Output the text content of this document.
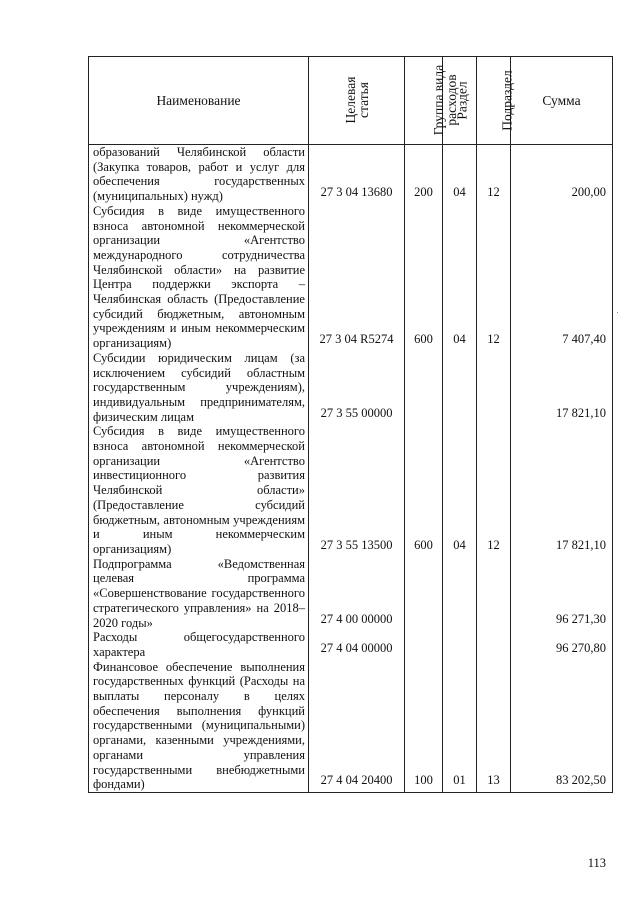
Наименование	Целевая статья	Группа вида расходов	Раздел	Подраздел	Сумма
образований Челябинской области (Закупка товаров, работ и услуг для обеспечения государственных (муниципальных) нужд)	27 3 04 13680	200	04	12	200,00
Субсидия в виде имущественного взноса автономной некоммерческой организации «Агентство международного сотрудничества Челябинской области» на развитие Центра поддержки экспорта – Челябинская область (Предоставление субсидий бюджетным, автономным учреждениям и иным некоммерческим организациям)	27 3 04 R5274	600	04	12	7 407,40
Субсидии юридическим лицам (за исключением субсидий областным государственным учреждениям), индивидуальным предпринимателям, физическим лицам	27 3 55 00000				17 821,10
Субсидия в виде имущественного взноса автономной некоммерческой организации «Агентство инвестиционного развития Челябинской области» (Предоставление субсидий бюджетным, автономным учреждениям и иным некоммерческим организациям)	27 3 55 13500	600	04	12	17 821,10
Подпрограмма «Ведомственная целевая программа «Совершенствование государственного стратегического управления» на 2018–2020 годы»	27 4 00 00000				96 271,30
Расходы общегосударственного характера	27 4 04 00000				96 270,80
Финансовое обеспечение выполнения государственных функций (Расходы на выплаты персоналу в целях обеспечения выполнения функций государственными (муниципальными) органами, казенными учреждениями, органами управления государственными внебюджетными фондами)	27 4 04 20400	100	01	13	83 202,50
113
